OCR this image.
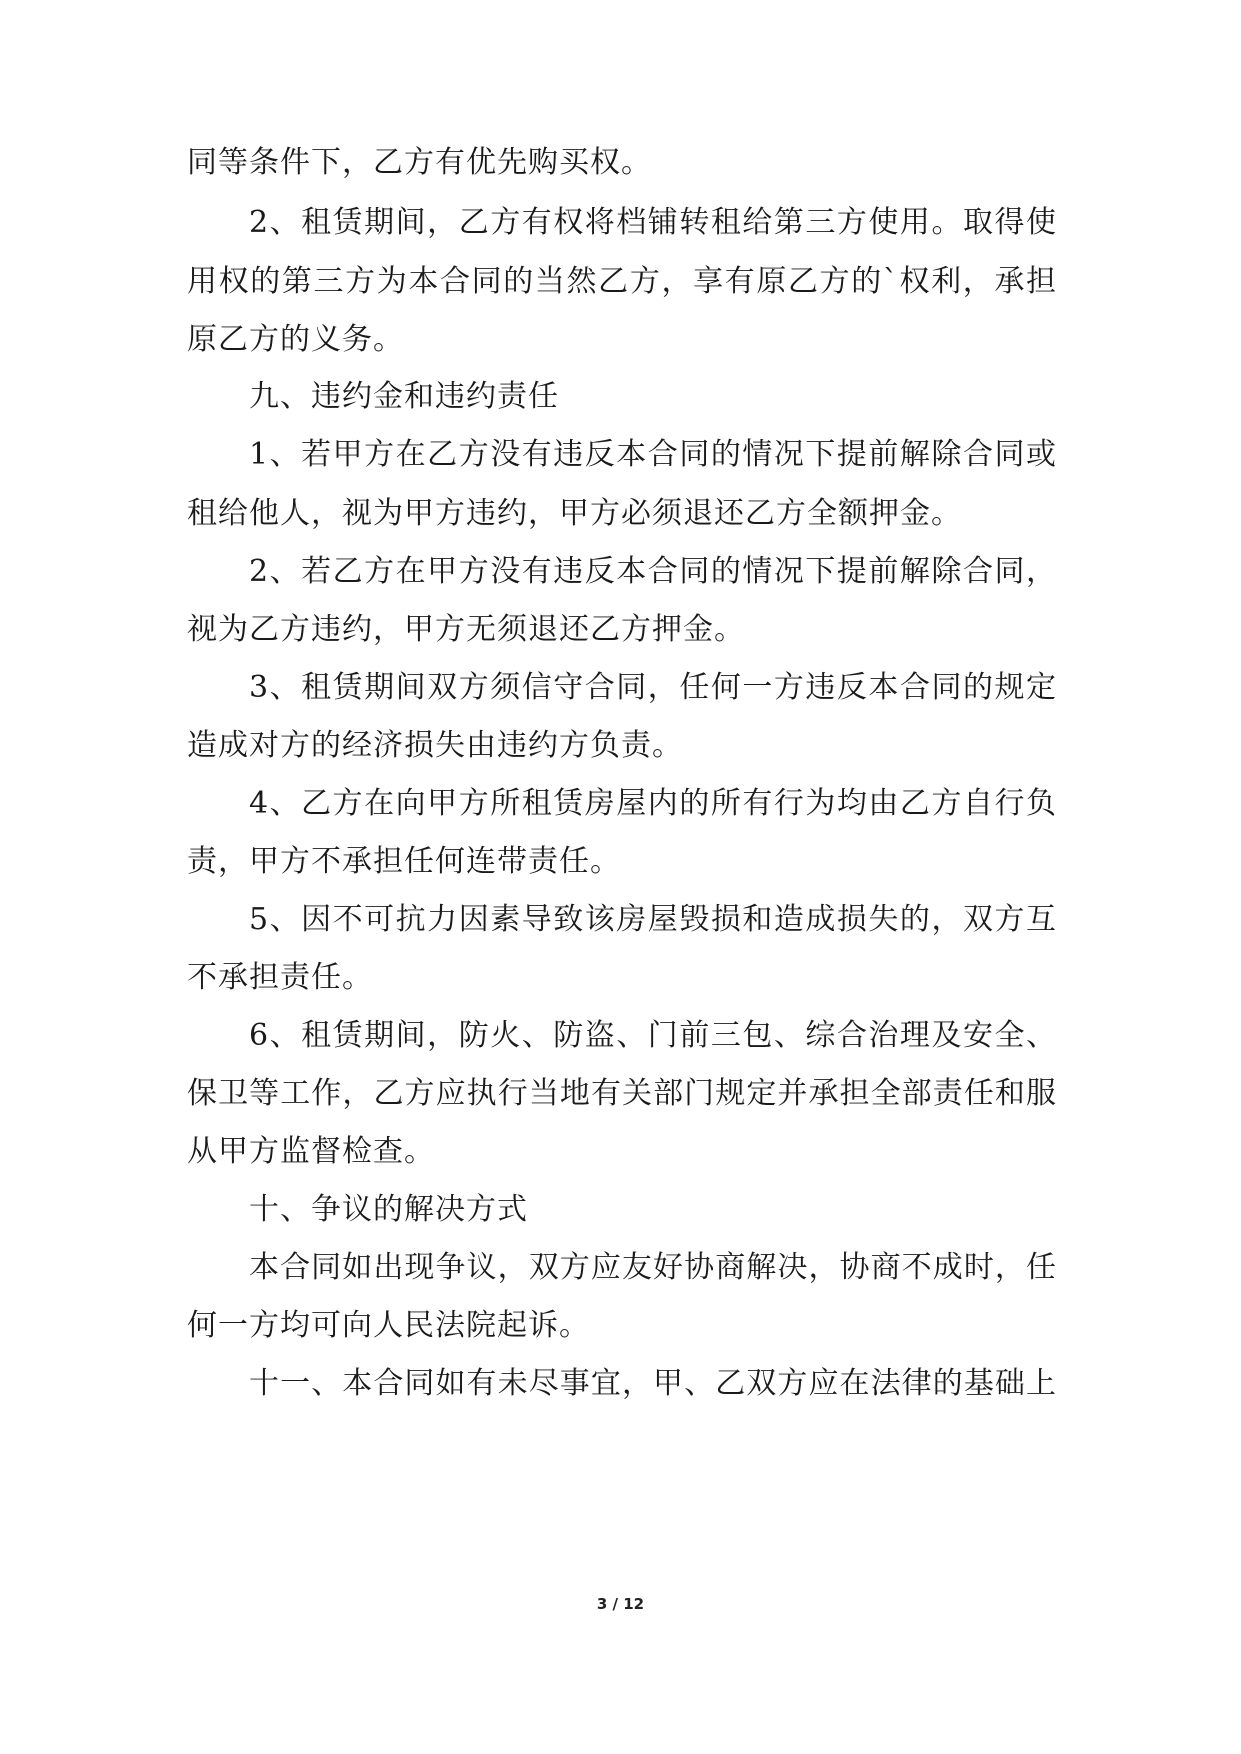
同等条件下，乙方有优先购买权。
2、租赁期间，乙方有权将档铺转租给第三方使用。取得使
用权的第三方为本合同的当然乙方，享有原乙方的`权利，承担
原乙方的义务。
九、违约金和违约责任
1、若甲方在乙方没有违反本合同的情况下提前解除合同或
租给他人，视为甲方违约，甲方必须退还乙方全额押金。
2、若乙方在甲方没有违反本合同的情况下提前解除合同，
视为乙方违约，甲方无须退还乙方押金。
3、租赁期间双方须信守合同，任何一方违反本合同的规定
造成对方的经济损失由违约方负责。
4、乙方在向甲方所租赁房屋内的所有行为均由乙方自行负
责，甲方不承担任何连带责任。
5、因不可抗力因素导致该房屋毁损和造成损失的，双方互
不承担责任。
6、租赁期间，防火、防盗、门前三包、综合治理及安全、
保卫等工作，乙方应执行当地有关部门规定并承担全部责任和服
从甲方监督检查。
十、争议的解决方式
本合同如出现争议，双方应友好协商解决，协商不成时，任
何一方均可向人民法院起诉。
十一、本合同如有未尽事宜，甲、乙双方应在法律的基础上
3 / 12
